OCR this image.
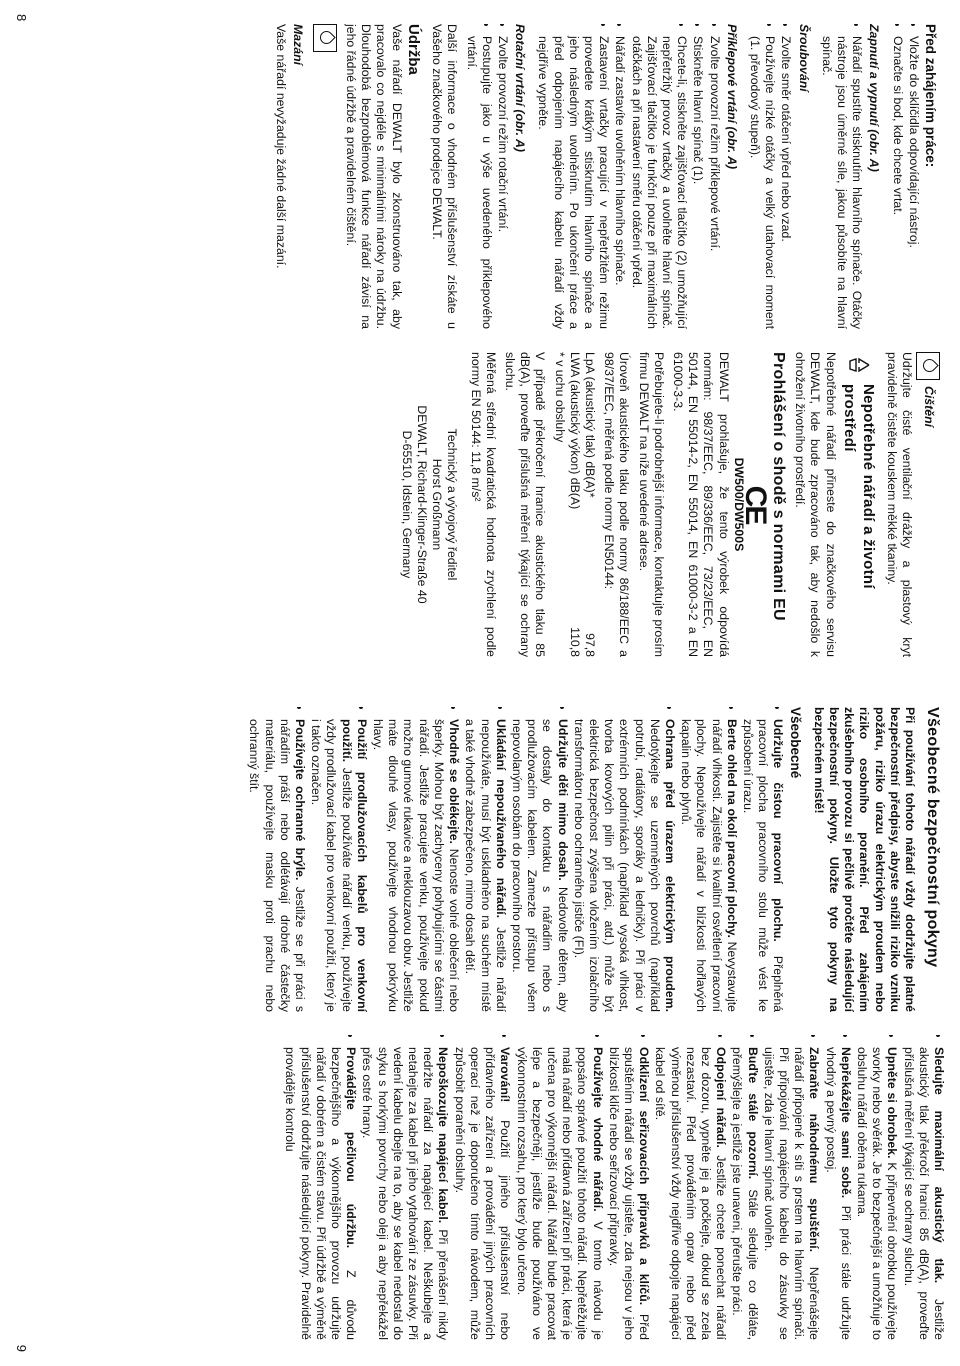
Před zahájením práce:
• Vložte do sklíčidla odpovídající nástroj.
• Označte si bod, kde chcete vrtat.
Zapnutí a vypnutí (obr. A)
• Nářadí spustíte stisknutím hlavního spínače. Otáčky nástroje jsou úměrné síle, jakou působíte na hlavní spínač.
Šroubování
• Zvolte směr otáčení vpřed nebo vzad.
• Používejte nízké otáčky a velký utahovací moment (1. převodový stupeň).
Příklepové vrtání (obr. A)
• Zvolte provozní režim příklepové vrtání.
• Stiskněte hlavní spínač (1).
• Chcete-li, stiskněte zajišťovací tlačítko (2) umožňující nepřetržitý provoz vrtačky a uvolněte hlavní spínač. Zajišťovací tlačítko je funkční pouze při maximálních otáčkách a při nastavení směru otáčení vpřed.
• Nářadí zastavíte uvolněním hlavního spínače.
• Zastavení vrtačky pracující v nepřetržitém režimu provedete krátkým stisknutím hlavního spínače a jeho následným uvolněním. Po ukončení práce a před odpojením napájecího kabelu nářadí vždy nejdříve vypněte.
Rotační vrtání (obr. A)
• Zvolte provozní režim rotační vrtání.
• Postupujte jako u výše uvedeného příklepového vrtání.

Další informace o vhodném příslušenství získáte u Vašeho značkového prodejce DEWALT.

Údržba

Vaše nářadí DEWALT bylo zkonstruováno tak, aby pracovalo co nejdéle s minimálními nároky na údržbu. Dlouhodobá bezproblémová funkce nářadí závisí na jeho řádné údržbě a pravidelném čištění.

Mazání

Vaše nářadí nevyžaduje žádné další mazání.

Čištění

Udržujte čisté ventilační drážky a plastový kryt pravidelně čistěte kouskem měkké tkaniny.

Nepotřebné nářadí a životní prostředí

Nepotřebné nářadí přineste do značkového servisu DEWALT, kde bude zpracováno tak, aby nedošlo k ohrožení životního prostředí.

Prohlášení o shodě s normami EU
CE
DW500/DW500S

DEWALT prohlašuje, že tento výrobek odpovídá normám: 98/37/EEC, 89/336/EEC, 73/23/EEC, EN 50144, EN 55014-2, EN 55014, EN 61000-3-2 a EN 61000-3-3.

Potřebujete-li podrobnější informace, kontaktujte prosím firmu DEWALT na níže uvedené adrese.

Úroveň akustického tlaku podle normy 86/188/EEC a 98/37/EEC, měřená podle normy EN50144:

LpA (akustický tlak) dB(A)*
97,8
LWA (akustický výkon) dB(A)
110,8

* v uchu obsluhy

V případě překročení hranice akustického tlaku 85 dB(A), proveďte příslušná měření týkající se ochrany sluchu.

Měřená střední kvadratická hodnota zrychlení podle normy EN 50144: 11,8 m/s²

Technický a vývojový ředitel
Horst Großmann
DEWALT, Richard-Klinger-Straße 40
D-65510, Idstein, Germany
8
Všeobecné bezpečnostní pokyny

Při používání tohoto nářadí vždy dodržujte platné bezpečnostní předpisy, abyste snížili riziko vzniku požáru, riziko úrazu elektrickým proudem nebo riziko osobního poranění. Před zahájením zkušebního provozu si pečlivě pročtěte následující bezpečnostní pokyny. Uložte tyto pokyny na bezpečném místě!

Všeobecné
• Udržujte čistou pracovní plochu. Přeplněná pracovní plocha pracovního stolu může vést ke způsobení úrazu.
• Berte ohled na okolí pracovní plochy. Nevystavujte nářadí vlhkosti. Zajistěte si kvalitní osvětlení pracovní plochy. Nepoužívejte nářadí v blízkosti hořlavých kapalin nebo plynů.
• Ochrana před úrazem elektrickým proudem. Nedotýkejte se uzemněných povrchů (například potrubí, radiátory, sporáky a ledničky). Při práci v extrémních podmínkách (například vysoká vlhkost, tvorba kovových pilin při práci, atd.) může být elektrická bezpečnost zvýšena vložením izolačního transformátoru nebo ochranného jističe (FI).
• Udržujte děti mimo dosah. Nedovolte dětem, aby se dostaly do kontaktu s nářadím nebo s prodlužovacím kabelem. Zamezte přístupu všem nepovolaným osobám do pracovního prostoru.
• Ukládání nepoužívaného nářadí. Jestliže nářadí nepoužíváte, musí být uskladněno na suchém místě a také vhodně zabezpečeno, mimo dosah dětí.
• Vhodně se oblékejte. Nenoste volné oblečení nebo šperky. Mohou být zachyceny pohybujícími se částmi nářadí. Jestliže pracujete venku, používejte pokud možno gumové rukavice a neklouzavou obuv. Jestliže máte dlouhé vlasy, používejte vhodnou pokrývku hlavy.
• Použití prodlužovacích kabelů pro venkovní použití. Jestliže používáte nářadí venku, používejte vždy prodlužovací kabel pro venkovní použití, který je i takto označen.
• Používejte ochranné brýle. Jestliže se při práci s nářadím práší nebo odlétávají drobné částečky materiálu, používejte masku proti prachu nebo ochranný štít.
• Sledujte maximální akustický tlak. Jestliže akustický tlak překročí hranici 85 dB(A), proveďte příslušná měření týkající se ochrany sluchu.
• Upněte si obrobek. K připevnění obrobku používejte svorky nebo svěrák. Je to bezpečnější a umožňuje to obsluhu nářadí oběma rukama.
• Nepřekážejte sami sobě. Při práci stále udržujte vhodný a pevný postoj.
• Zabraňte náhodnému spuštění. Nepřenášejte nářadí připojené k síti s prstem na hlavním spínači. Při připojování napájecího kabelu do zásuvky se ujistěte, zda je hlavní spínač uvolněn.
• Buďte stále pozorní. Stále sledujte co děláte, přemýšlejte a jestliže jste unaveni, přerušte práci.
• Odpojení nářadí. Jestliže chcete ponechat nářadí bez dozoru, vypněte jej a počkejte, dokud se zcela nezastaví. Před prováděním oprav nebo před výměnou příslušenství vždy nejdříve odpojte napájecí kabel od sítě.
• Odklizení seřizovacích přípravků a klíčů. Před spuštěním nářadí se vždy ujistěte, zda nejsou v jeho blízkosti klíče nebo seřizovací přípravky.
• Používejte vhodné nářadí. V tomto návodu je popsáno správné použití tohoto nářadí. Nepřetěžujte malá nářadí nebo přídavná zařízení při práci, která je určena pro výkonnější nářadí. Nářadí bude pracovat lépe a bezpečněji, jestliže bude používáno ve výkonnostním rozsahu, pro který bylo určeno.
• Varování! Použití jiného příslušenství nebo přídavného zařízení a provádění jiných pracovních operací než je doporučeno tímto návodem, může způsobit poranění obsluhy.
• Nepoškozujte napájecí kabel. Při přenášení nikdy nedržte nářadí za napájecí kabel. Neškubejte a netahejte za kabel při jeho vytahování ze zásuvky. Při vedení kabelu dbejte na to, aby se kabel nedostal do styku s horkými povrchy nebo oleji a aby nepřekážel přes ostré hrany.
• Provádějte pečlivou údržbu. Z důvodu bezpečnějšího a výkonnějšího provozu udržujte nářadí v dobrém a čistém stavu. Při údržbě a výměně příslušenství dodržujte následující pokyny. Pravidelně provádějte kontrolu
9
